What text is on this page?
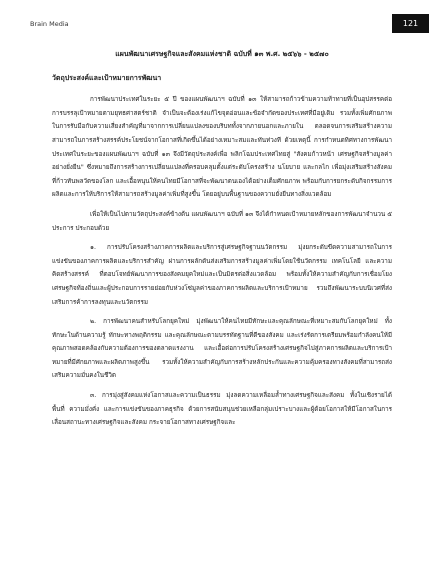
Brain Media	121
แผนพัฒนาเศรษฐกิจและสังคมแห่งชาติ ฉบับที่ ๑๓ พ.ศ. ๒๕๖๖ - ๒๕๗๐
วัตถุประสงค์และเป้าหมายการพัฒนา

การพัฒนาประเทศในระยะ ๕ ปี ของแผนพัฒนาฯ ฉบับที่ ๑๓ ให้สามารถก้าวข้ามความท้าทายที่เป็นอุปสรรคต่อการบรรลุเป้าหมายตามยุทธศาสตร์ชาติ จำเป็นจะต้องเร่งแก้ไขจุดอ่อนและข้อจำกัดของประเทศที่มีอยู่เดิม รวมทั้งเพิ่มศักยภาพในการรับมือกับความเสี่ยงสำคัญที่มาจากการเปลี่ยนแปลงของบริบททั้งจากภายนอกและภายใน ตลอดจนการเสริมสร้างความสามารถในการสร้างสรรค์ประโยชน์จากโอกาสที่เกิดขึ้นได้อย่างเหมาะสมและทันท่วงที ด้วยเหตุนี้ การกำหนดทิศทางการพัฒนาประเทศในระยะของแผนพัฒนาฯ ฉบับที่ ๑๓ จึงมีวัตถุประสงค์เพื่อ พลิกโฉมประเทศไทยสู่ "สังคมก้าวหน้า เศรษฐกิจสร้างมูลค่าอย่างยั่งยืน" ซึ่งหมายถึงการสร้างการเปลี่ยนแปลงที่ครอบคลุมตั้งแต่ระดับโครงสร้าง นโยบาย และกลไก เพื่อมุ่งเสริมสร้างสังคมที่ก้าวทันพลวัตของโลก และเอื้อหนุนให้คนไทยมีโอกาสที่จะพัฒนาตนเองได้อย่างเต็มศักยภาพ พร้อมกับการยกระดับกิจกรรมการผลิตและการให้บริการให้สามารถสร้างมูลค่าเพิ่มที่สูงขึ้น โดยอยู่บนพื้นฐานของความยั่งยืนทางสิ่งแวดล้อม

เพื่อให้เป็นไปตามวัตถุประสงค์ข้างต้น แผนพัฒนาฯ ฉบับที่ ๑๓ จึงได้กำหนดเป้าหมายหลักของการพัฒนาจำนวน ๕ ประการ ประกอบด้วย

๑. การปรับโครงสร้างภาคการผลิตและบริการสู่เศรษฐกิจฐานนวัตกรรม มุ่งยกระดับขีดความสามารถในการแข่งขันของภาคการผลิตและบริการสำคัญ ผ่านการผลักดันส่งเสริมการสร้างมูลค่าเพิ่มโดยใช้นวัตกรรม เทคโนโลยี และความคิดสร้างสรรค์ ที่ตอบโจทย์พัฒนาการของสังคมยุคใหม่และเป็นมิตรต่อสิ่งแวดล้อม พร้อมทั้งให้ความสำคัญกับการเชื่อมโยงเศรษฐกิจท้องถิ่นและผู้ประกอบการรายย่อยกับห่วงโซ่มูลค่าของภาคการผลิตและบริการเป้าหมาย รวมถึงพัฒนาระบบนิเวศที่ส่งเสริมการค้าการลงทุนและนวัตกรรม

๒. การพัฒนาคนสำหรับโลกยุคใหม่ มุ่งพัฒนาให้คนไทยมีทักษะและคุณลักษณะที่เหมาะสมกับโลกยุคใหม่ ทั้งทักษะในด้านความรู้ ทักษะทางพฤติกรรม และคุณลักษณะตามบรรทัดฐานที่ดีของสังคม และเร่งรัดการเตรียมพร้อมกำลังคนให้มีคุณภาพสอดคล้องกับความต้องการของตลาดแรงงาน และเอื้อต่อการปรับโครงสร้างเศรษฐกิจไปสู่ภาคการผลิตและบริการเป้าหมายที่มีศักยภาพและผลิตภาพสูงขึ้น รวมทั้งให้ความสำคัญกับการสร้างหลักประกันและความคุ้มครองทางสังคมที่สามารถส่งเสริมความมั่นคงในชีวิต

๓. การมุ่งสู่สังคมแห่งโอกาสและความเป็นธรรม มุ่งลดความเหลื่อมล้ำทางเศรษฐกิจและสังคม ทั้งในเชิงรายได้ พื้นที่ ความมั่งคั่ง และการแข่งขันของภาคธุรกิจ ด้วยการสนับสนุนช่วยเหลือกลุ่มเปราะบางและผู้ด้อยโอกาสให้มีโอกาสในการเลื่อนสถานะทางเศรษฐกิจและสังคม กระจายโอกาสทางเศรษฐกิจและ
